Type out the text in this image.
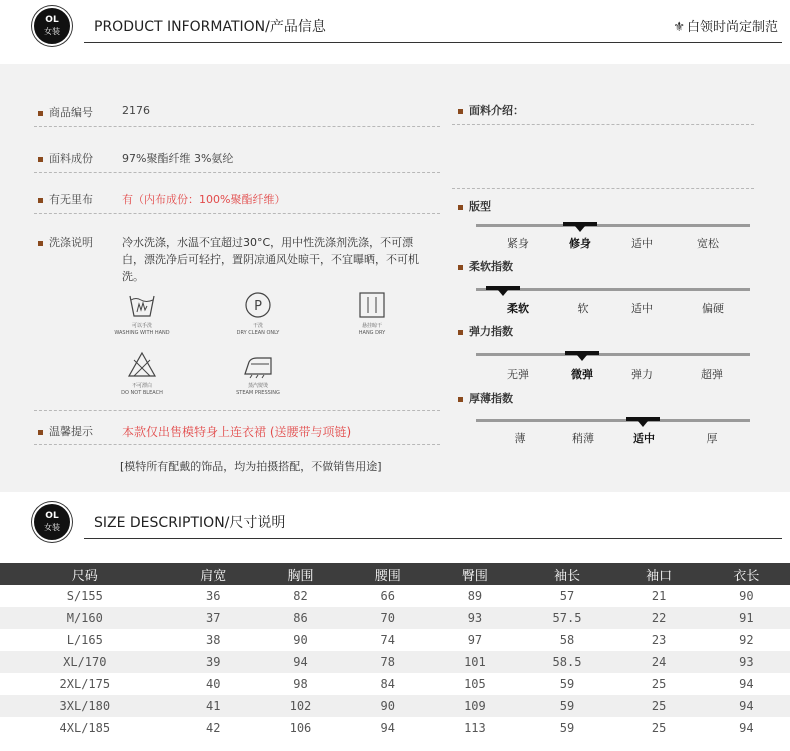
OL
女装 PRODUCT INFORMATION/产品信息	⚜ 白领时尚定制范
商品编号	2176
面料成份	97%聚酯纤维 3%氨纶
有无里布	有（内布成份：100%聚酯纤维）
洗涤说明	冷水洗涤，水温不宜超过30°C，用中性洗涤剂洗涤，不可漂白，漂洗净后可轻拧，置阴凉通风处晾干，不宜曝晒，不可机洗。
可以手洗
WASHING WITH HAND
P
干洗
DRY CLEAN ONLY
悬挂晾干
HANG DRY
不可漂白
DO NOT BLEACH
蒸汽熨烫
STEAM PRESSING
温馨提示 本款仅出售模特身上连衣裙 (送腰带与项链)
[模特所有配戴的饰品，均为拍摄搭配，不做销售用途]
面料介绍：
版型
紧身	修身	适中	宽松
柔软指数
柔软	软	适中	偏硬
弹力指数
无弹	微弹	弹力	超弹
厚薄指数
薄	稍薄	适中	厚
OL
女装 SIZE DESCRIPTION/尺寸说明
尺码	肩宽	胸围	腰围	臀围	袖长	袖口	衣长
S/155	36	82	66	89	57	21	90
M/160	37	86	70	93	57.5	22	91
L/165	38	90	74	97	58	23	92
XL/170	39	94	78	101	58.5	24	93
2XL/175	40	98	84	105	59	25	94
3XL/180	41	102	90	109	59	25	94
4XL/185	42	106	94	113	59	25	94
